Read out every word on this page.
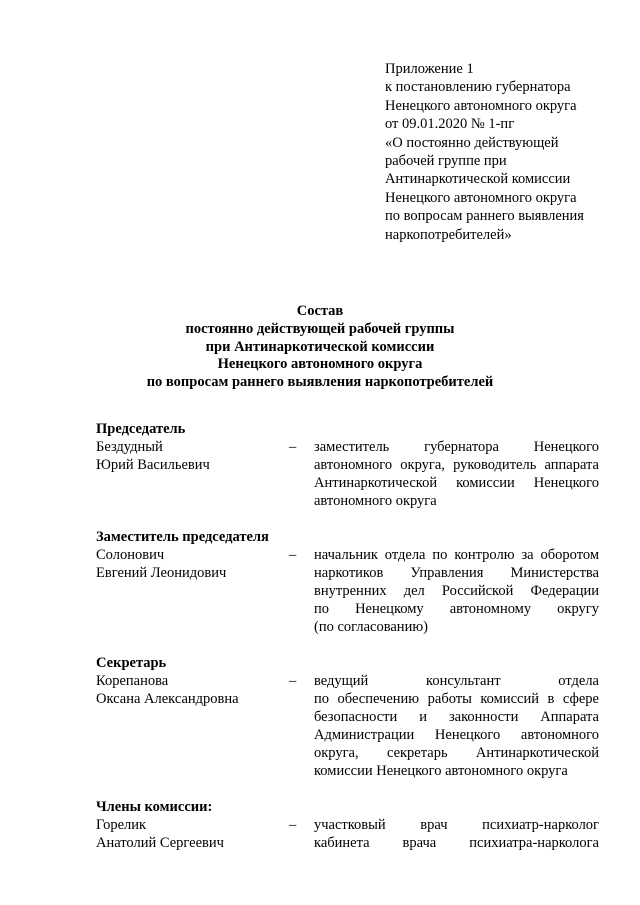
Приложение 1
к постановлению губернатора
Ненецкого автономного округа
от 09.01.2020 № 1-пг
«О постоянно действующей
рабочей группе при
Антинаркотической комиссии
Ненецкого автономного округа
по вопросам раннего выявления
наркопотребителей»
Состав
постоянно действующей рабочей группы
при Антинаркотической комиссии
Ненецкого автономного округа
по вопросам раннего выявления наркопотребителей
Председатель
Бездудный
Юрий Васильевич
– заместитель губернатора Ненецкого
автономного округа, руководитель аппарата
Антинаркотической комиссии Ненецкого
автономного округа
Заместитель председателя
Солонович
Евгений Леонидович
– начальник отдела по контролю за оборотом
наркотиков Управления Министерства
внутренних дел Российской Федерации
по Ненецкому автономному округу
(по согласованию)
Секретарь
Корепанова
Оксана Александровна
– ведущий консультант отдела
по обеспечению работы комиссий в сфере
безопасности и законности Аппарата
Администрации Ненецкого автономного
округа, секретарь Антинаркотической
комиссии Ненецкого автономного округа
Члены комиссии:
Горелик
Анатолий Сергеевич
– участковый врач психиатр-нарколог
кабинета врача психиатра-нарколога
